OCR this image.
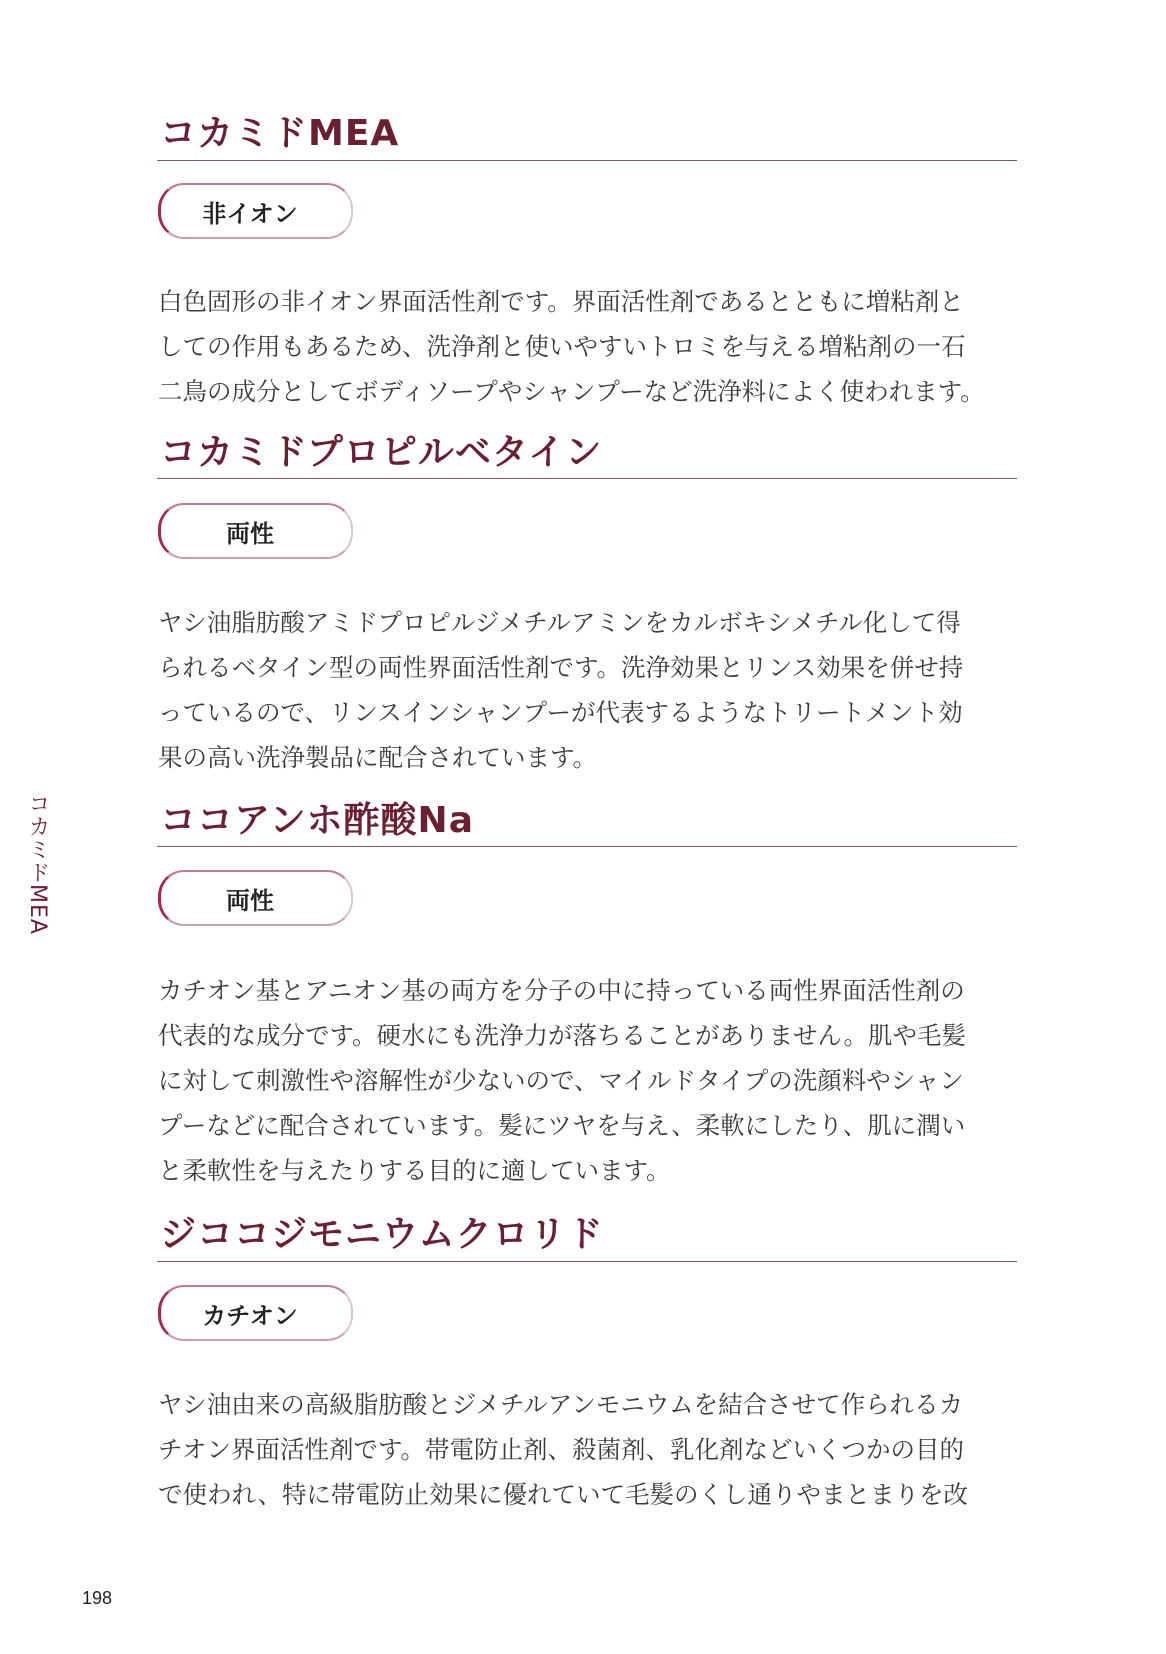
コカミドMEA
非イオン
白色固形の非イオン界面活性剤です。界面活性剤であるとともに増粘剤と
しての作用もあるため、洗浄剤と使いやすいトロミを与える増粘剤の一石
二鳥の成分としてボディソープやシャンプーなど洗浄料によく使われます。
コカミドプロピルベタイン
両性
ヤシ油脂肪酸アミドプロピルジメチルアミンをカルボキシメチル化して得
られるベタイン型の両性界面活性剤です。洗浄効果とリンス効果を併せ持
っているので、リンスインシャンプーが代表するようなトリートメント効
果の高い洗浄製品に配合されています。
ココアンホ酢酸Na
両性
カチオン基とアニオン基の両方を分子の中に持っている両性界面活性剤の
代表的な成分です。硬水にも洗浄力が落ちることがありません。肌や毛髪
に対して刺激性や溶解性が少ないので、マイルドタイプの洗顔料やシャン
プーなどに配合されています。髪にツヤを与え、柔軟にしたり、肌に潤い
と柔軟性を与えたりする目的に適しています。
ジココジモニウムクロリド
カチオン
ヤシ油由来の高級脂肪酸とジメチルアンモニウムを結合させて作られるカ
チオン界面活性剤です。帯電防止剤、殺菌剤、乳化剤などいくつかの目的
で使われ、特に帯電防止効果に優れていて毛髪のくし通りやまとまりを改
コカミドMEA
198
